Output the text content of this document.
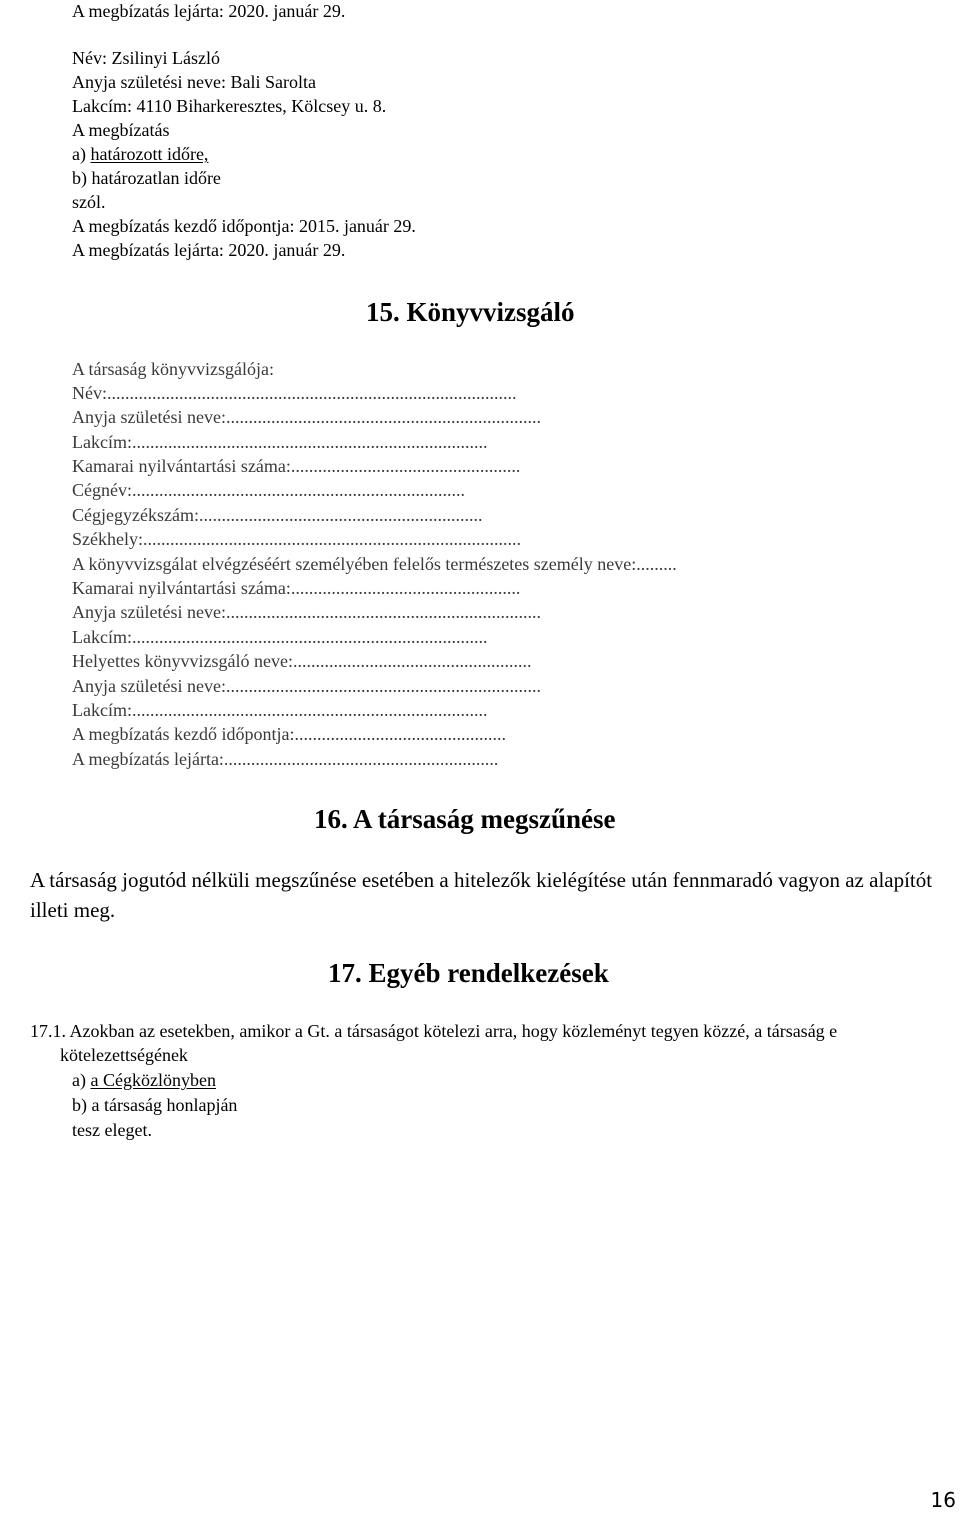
A megbízatás lejárta: 2020. január 29.
Név: Zsilinyi László
Anyja születési neve: Bali Sarolta
Lakcím: 4110 Biharkeresztes, Kölcsey u. 8.
A megbízatás
a) határozott időre,
b) határozatlan időre
szól.
A megbízatás kezdő időpontja: 2015. január 29.
A megbízatás lejárta: 2020. január 29.
15. Könyvvizsgáló
A társaság könyvvizsgálója:
Név:...........................................................................................
Anyja születési neve:......................................................................
Lakcím:...............................................................................
Kamarai nyilvántartási száma:...................................................
Cégnév:..........................................................................
Cégjegyzékszám:...............................................................
Székhely:....................................................................................
A könyvvizsgálat elvégzéséért személyében felelős természetes személy neve:.........
Kamarai nyilvántartási száma:...................................................
Anyja születési neve:......................................................................
Lakcím:...............................................................................
Helyettes könyvvizsgáló neve:.....................................................
Anyja születési neve:......................................................................
Lakcím:...............................................................................
A megbízatás kezdő időpontja:...............................................
A megbízatás lejárta:.............................................................
16. A társaság megszűnése
A társaság jogutód nélküli megszűnése esetében a hitelezők kielégítése után fennmaradó vagyon az alapítót illeti meg.
17. Egyéb rendelkezések
17.1. Azokban az esetekben, amikor a Gt. a társaságot kötelezi arra, hogy közleményt tegyen közzé, a társaság e
kötelezettségének
a) a Cégközlönyben
b) a társaság honlapján
tesz eleget.
16
